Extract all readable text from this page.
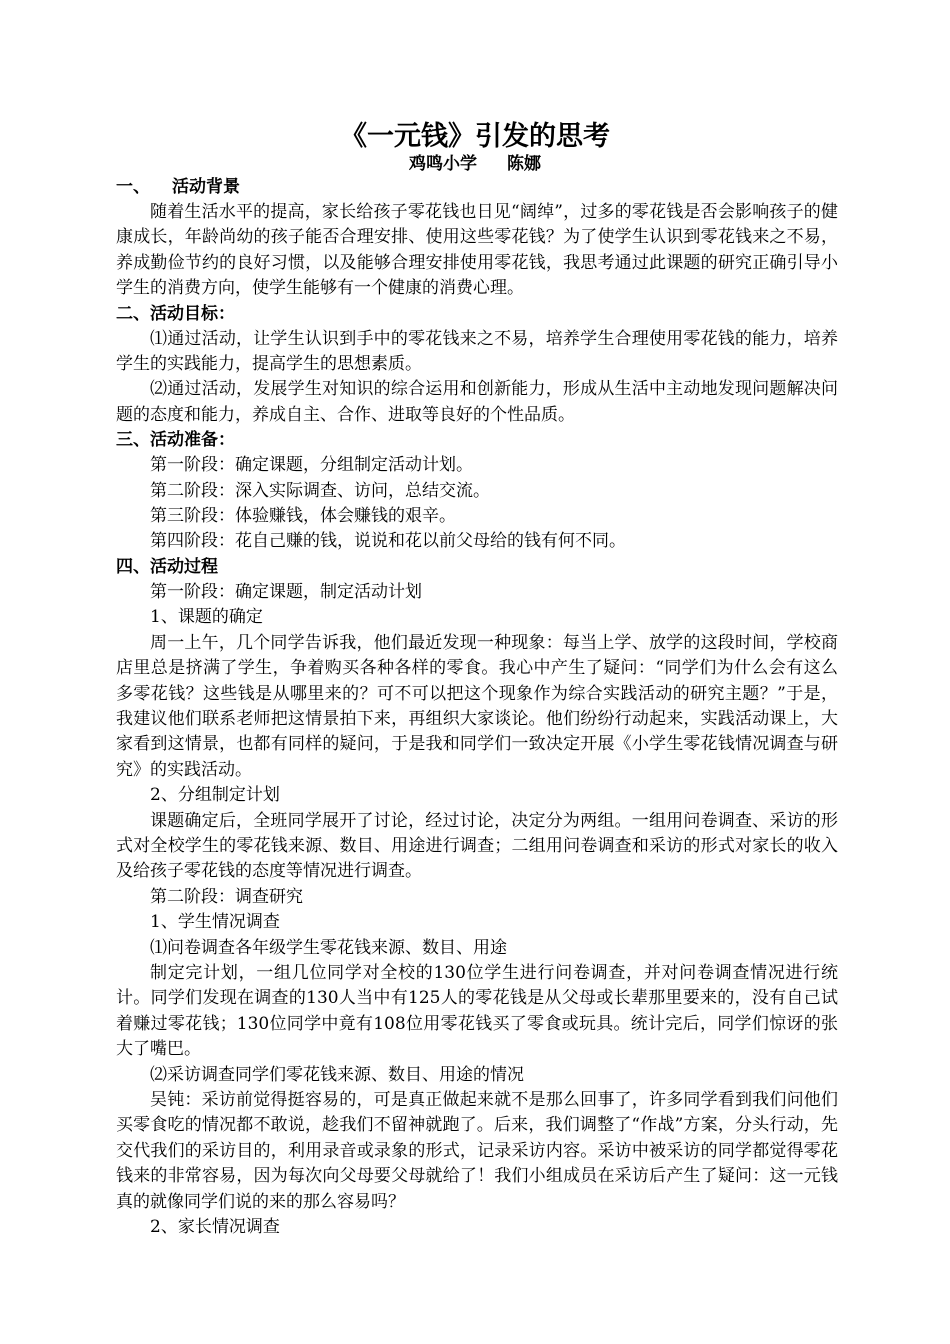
《一元钱》引发的思考
鸡鸣小学 陈娜
一、 活动背景

随着生活水平的提高，家长给孩子零花钱也日见“阔绰”，过多的零花钱是否会影响孩子的健康成长，年龄尚幼的孩子能否合理安排、使用这些零花钱？为了使学生认识到零花钱来之不易，养成勤俭节约的良好习惯，以及能够合理安排使用零花钱，我思考通过此课题的研究正确引导小学生的消费方向，使学生能够有一个健康的消费心理。

二、活动目标：

⑴通过活动，让学生认识到手中的零花钱来之不易，培养学生合理使用零花钱的能力，培养学生的实践能力，提高学生的思想素质。

⑵通过活动，发展学生对知识的综合运用和创新能力，形成从生活中主动地发现问题解决问题的态度和能力，养成自主、合作、进取等良好的个性品质。

三、活动准备：

第一阶段：确定课题，分组制定活动计划。

第二阶段：深入实际调查、访问，总结交流。

第三阶段：体验赚钱，体会赚钱的艰辛。

第四阶段：花自己赚的钱，说说和花以前父母给的钱有何不同。

四、活动过程

第一阶段：确定课题，制定活动计划

1、课题的确定

周一上午，几个同学告诉我，他们最近发现一种现象：每当上学、放学的这段时间，学校商店里总是挤满了学生，争着购买各种各样的零食。我心中产生了疑问：“同学们为什么会有这么多零花钱？这些钱是从哪里来的？可不可以把这个现象作为综合实践活动的研究主题？”于是，我建议他们联系老师把这情景拍下来，再组织大家谈论。他们纷纷行动起来，实践活动课上，大家看到这情景，也都有同样的疑问，于是我和同学们一致决定开展《小学生零花钱情况调查与研究》的实践活动。

2、分组制定计划

课题确定后，全班同学展开了讨论，经过讨论，决定分为两组。一组用问卷调查、采访的形式对全校学生的零花钱来源、数目、用途进行调查；二组用问卷调查和采访的形式对家长的收入及给孩子零花钱的态度等情况进行调查。

第二阶段：调查研究

1、学生情况调查

⑴问卷调查各年级学生零花钱来源、数目、用途

制定完计划，一组几位同学对全校的130位学生进行问卷调查，并对问卷调查情况进行统计。同学们发现在调查的130人当中有125人的零花钱是从父母或长辈那里要来的，没有自己试着赚过零花钱；130位同学中竟有108位用零花钱买了零食或玩具。统计完后，同学们惊讶的张大了嘴巴。

⑵采访调查同学们零花钱来源、数目、用途的情况

吴钝：采访前觉得挺容易的，可是真正做起来就不是那么回事了，许多同学看到我们问他们买零食吃的情况都不敢说，趁我们不留神就跑了。后来，我们调整了“作战”方案，分头行动，先交代我们的采访目的，利用录音或录象的形式，记录采访内容。采访中被采访的同学都觉得零花钱来的非常容易，因为每次向父母要父母就给了！我们小组成员在采访后产生了疑问：这一元钱真的就像同学们说的来的那么容易吗？

2、家长情况调查
